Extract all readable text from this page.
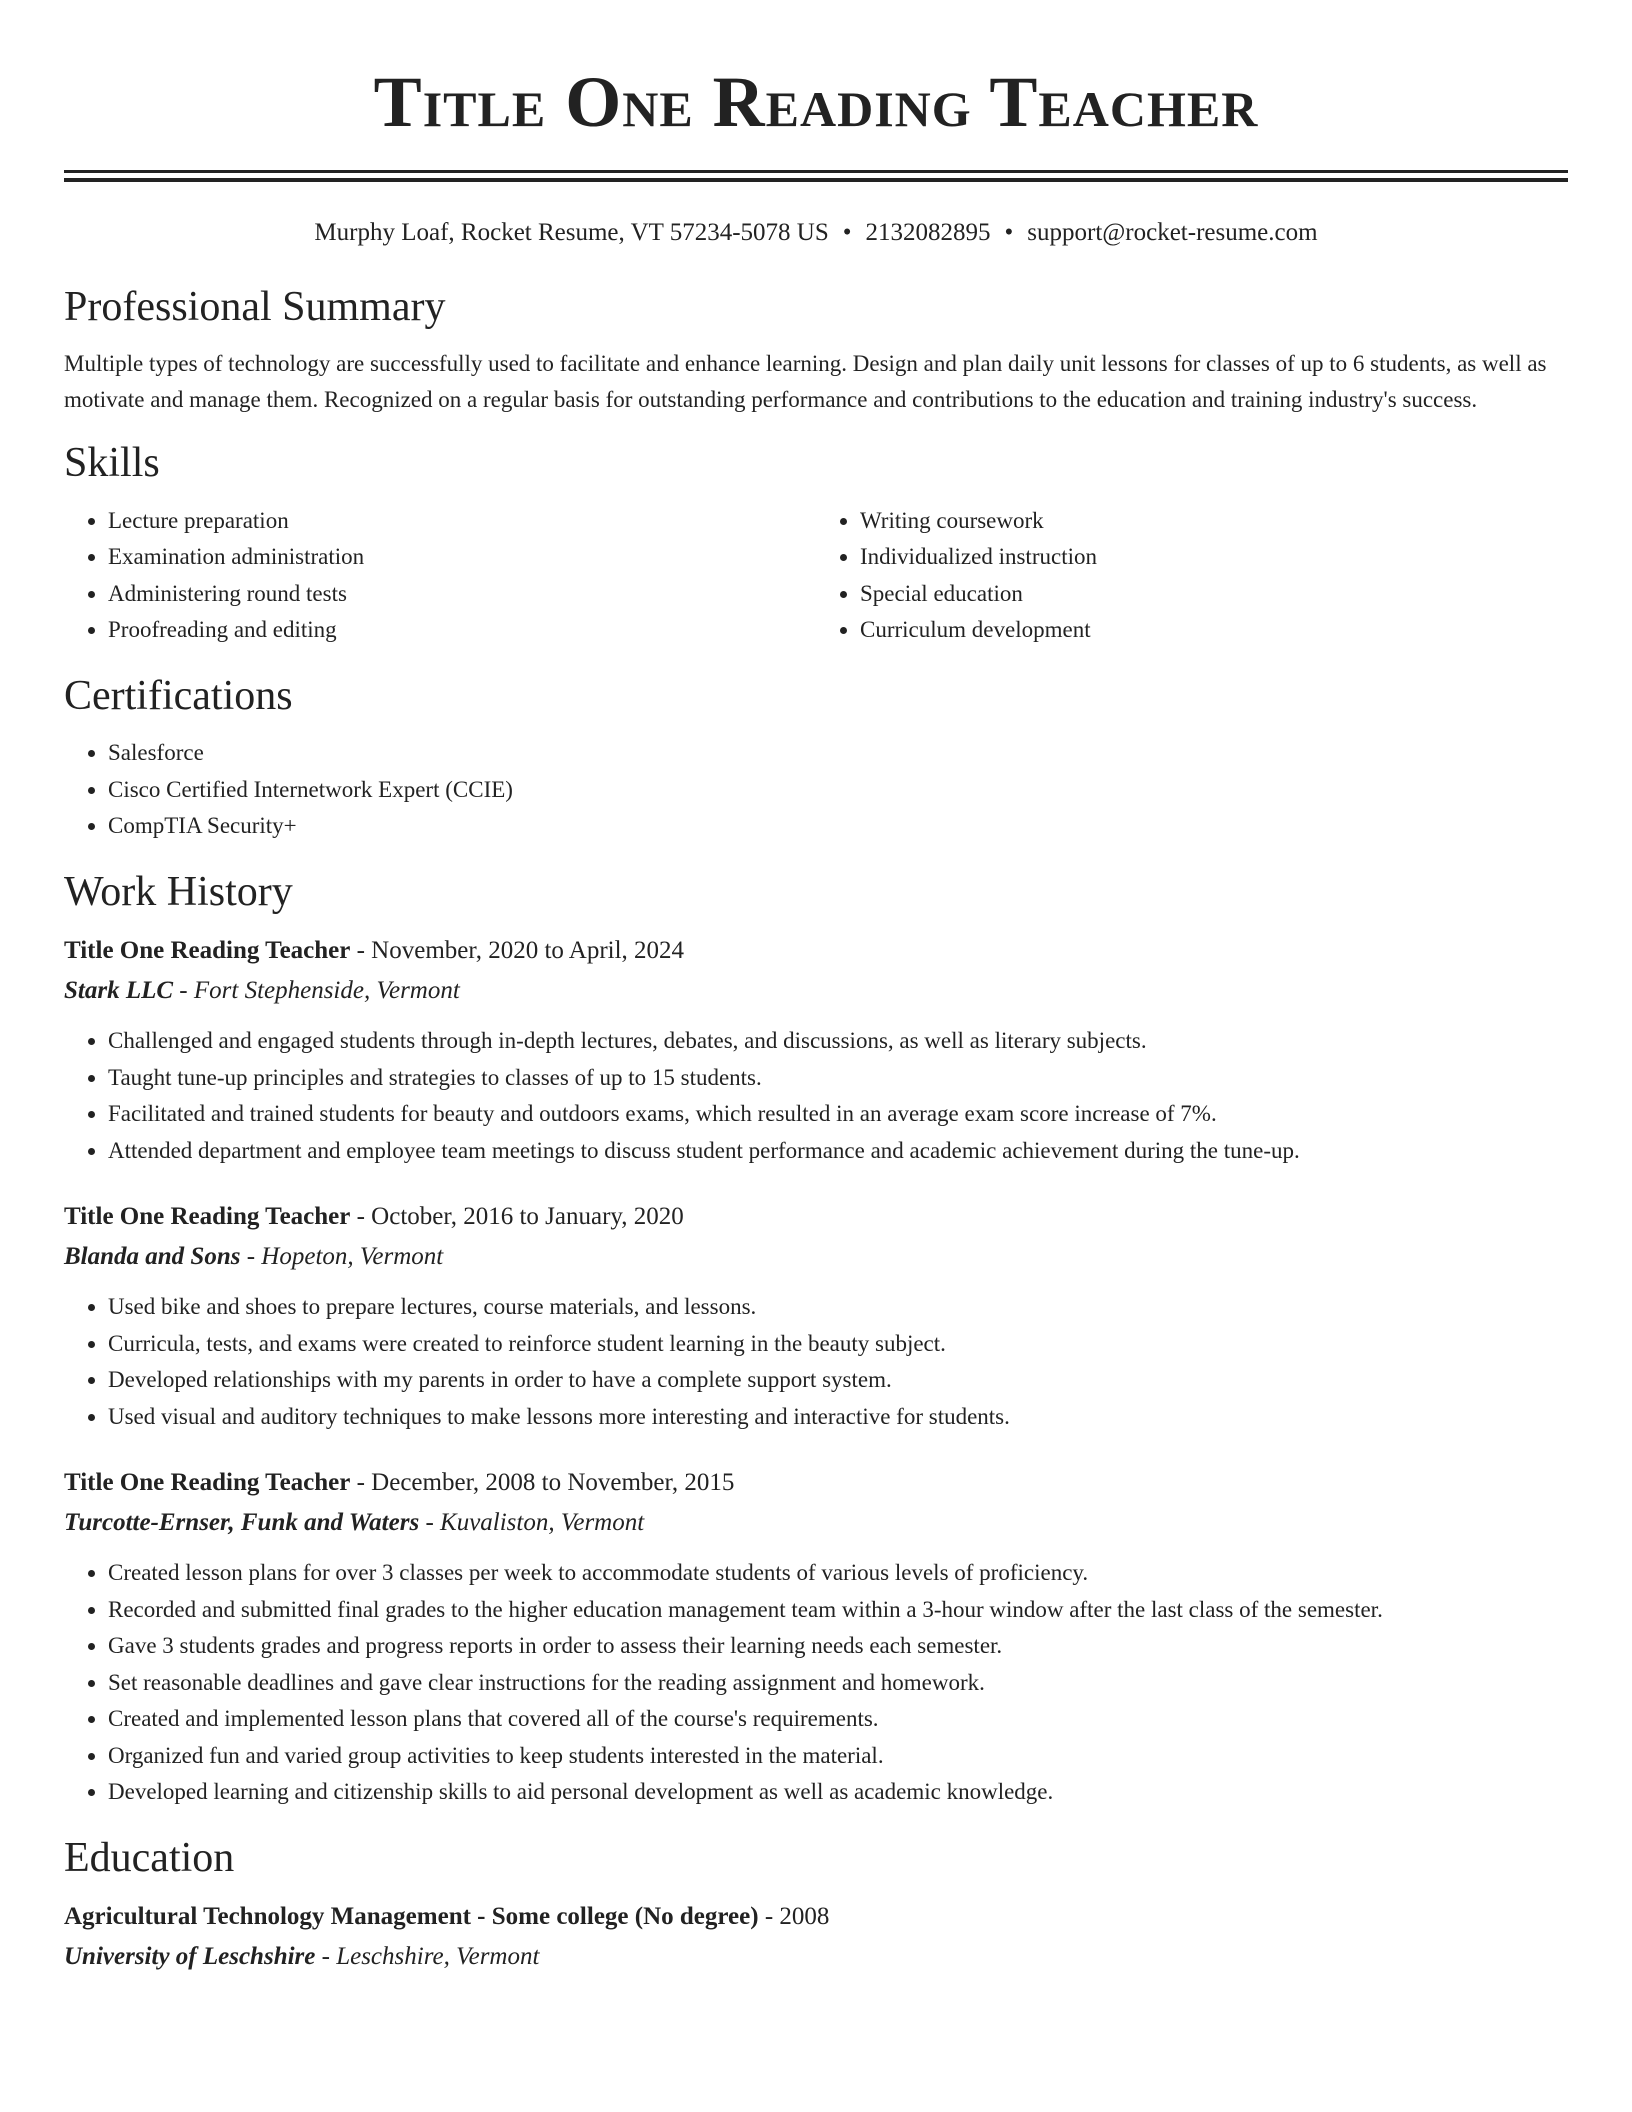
Title One Reading Teacher
Murphy Loaf, Rocket Resume, VT 57234-5078 US • 2132082895 • support@rocket-resume.com
Professional Summary

Multiple types of technology are successfully used to facilitate and enhance learning. Design and plan daily unit lessons for classes of up to 6 students, as well as motivate and manage them. Recognized on a regular basis for outstanding performance and contributions to the education and training industry's success.

Skills
• Lecture preparation
• Examination administration
• Administering round tests
• Proofreading and editing
• Writing coursework
• Individualized instruction
• Special education
• Curriculum development
Certifications
• Salesforce
• Cisco Certified Internetwork Expert (CCIE)
• CompTIA Security+
Work History
Title One Reading Teacher - November, 2020 to April, 2024
Stark LLC - Fort Stephenside, Vermont
• Challenged and engaged students through in-depth lectures, debates, and discussions, as well as literary subjects.
• Taught tune-up principles and strategies to classes of up to 15 students.
• Facilitated and trained students for beauty and outdoors exams, which resulted in an average exam score increase of 7%.
• Attended department and employee team meetings to discuss student performance and academic achievement during the tune-up.
Title One Reading Teacher - October, 2016 to January, 2020
Blanda and Sons - Hopeton, Vermont
• Used bike and shoes to prepare lectures, course materials, and lessons.
• Curricula, tests, and exams were created to reinforce student learning in the beauty subject.
• Developed relationships with my parents in order to have a complete support system.
• Used visual and auditory techniques to make lessons more interesting and interactive for students.
Title One Reading Teacher - December, 2008 to November, 2015
Turcotte-Ernser, Funk and Waters - Kuvaliston, Vermont
• Created lesson plans for over 3 classes per week to accommodate students of various levels of proficiency.
• Recorded and submitted final grades to the higher education management team within a 3-hour window after the last class of the semester.
• Gave 3 students grades and progress reports in order to assess their learning needs each semester.
• Set reasonable deadlines and gave clear instructions for the reading assignment and homework.
• Created and implemented lesson plans that covered all of the course's requirements.
• Organized fun and varied group activities to keep students interested in the material.
• Developed learning and citizenship skills to aid personal development as well as academic knowledge.
Education
Agricultural Technology Management - Some college (No degree) - 2008
University of Leschshire - Leschshire, Vermont
